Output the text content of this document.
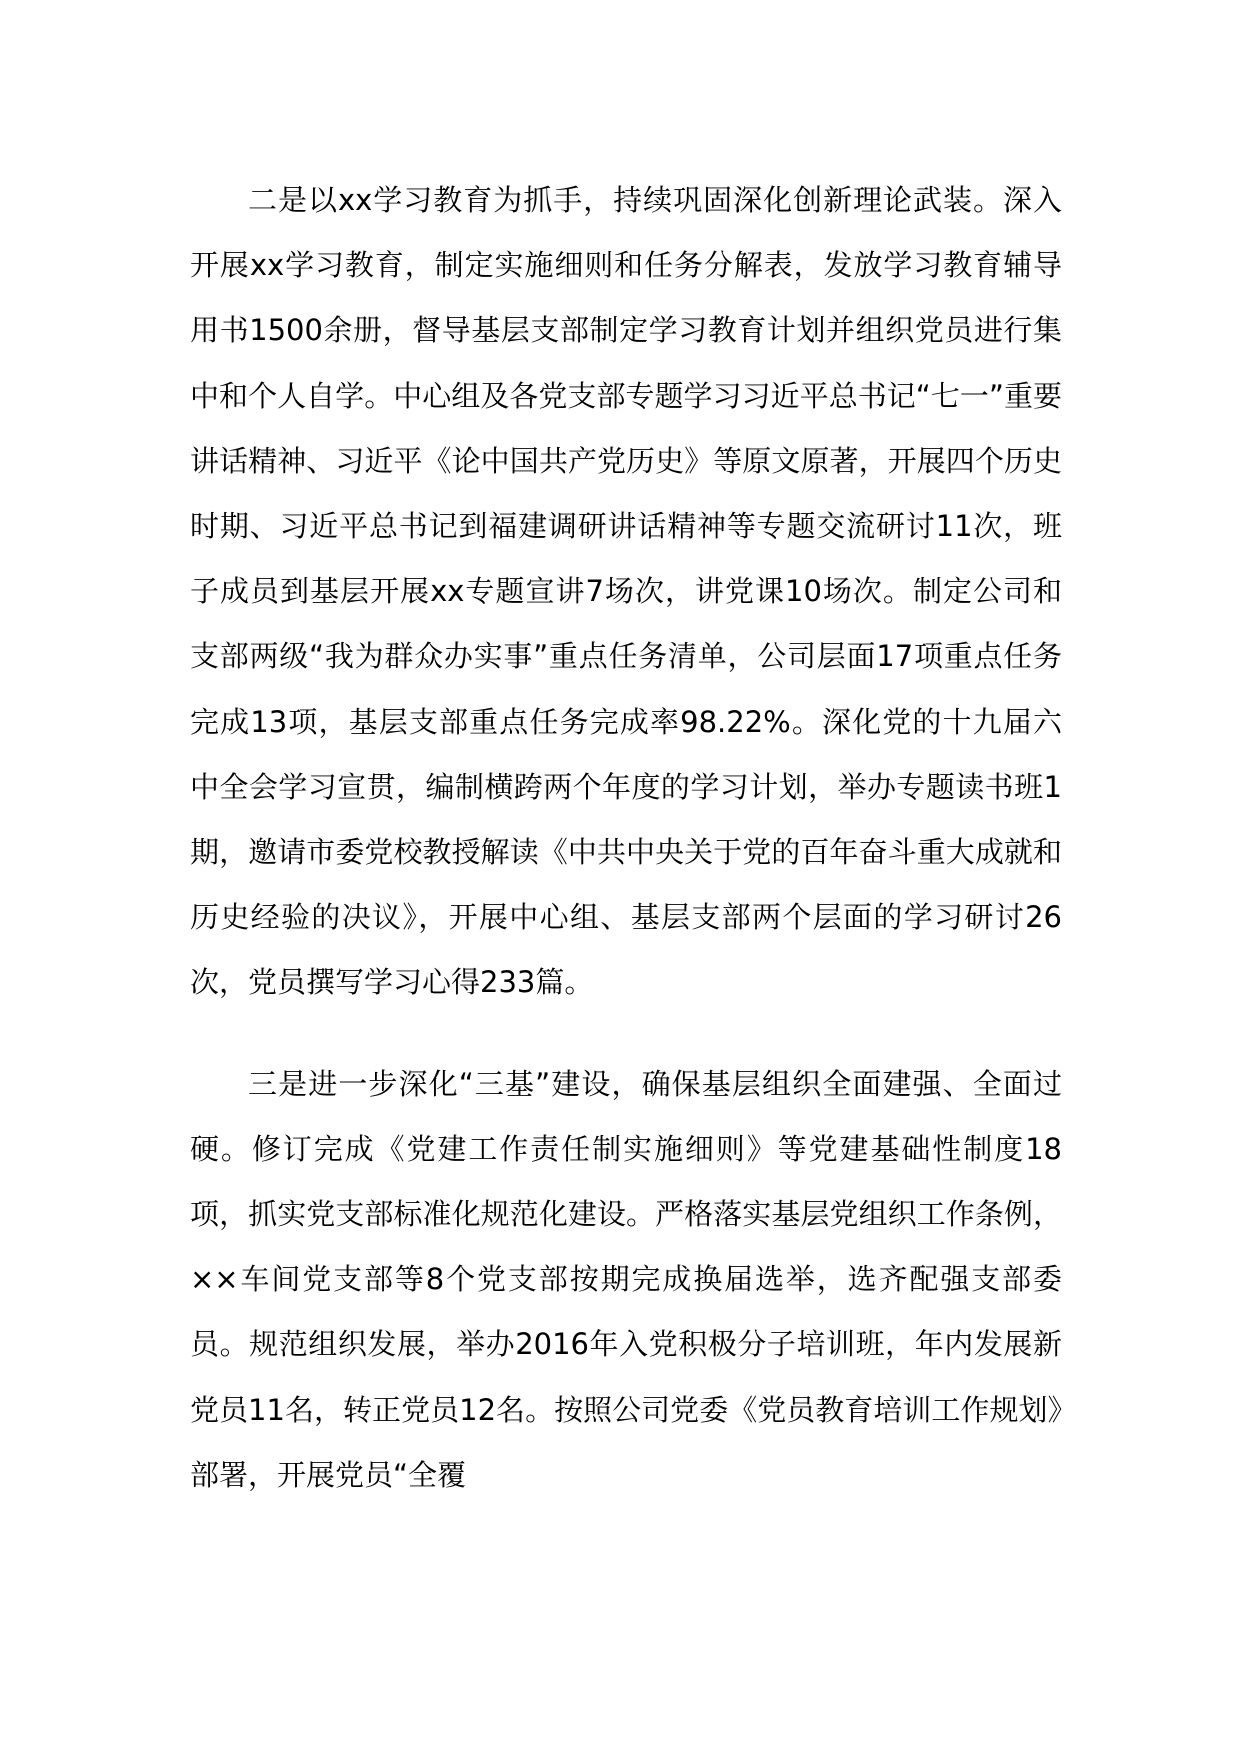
二是以xx学习教育为抓手，持续巩固深化创新理论武装。深入开展xx学习教育，制定实施细则和任务分解表，发放学习教育辅导用书1500余册，督导基层支部制定学习教育计划并组织党员进行集中和个人自学。中心组及各党支部专题学习习近平总书记“七一”重要讲话精神、习近平《论中国共产党历史》等原文原著，开展四个历史时期、习近平总书记到福建调研讲话精神等专题交流研讨11次，班子成员到基层开展xx专题宣讲7场次，讲党课10场次。制定公司和支部两级“我为群众办实事”重点任务清单，公司层面17项重点任务完成13项，基层支部重点任务完成率98.22%。深化党的十九届六中全会学习宣贯，编制横跨两个年度的学习计划，举办专题读书班1期，邀请市委党校教授解读《中共中央关于党的百年奋斗重大成就和历史经验的决议》，开展中心组、基层支部两个层面的学习研讨26次，党员撰写学习心得233篇。

三是进一步深化“三基”建设，确保基层组织全面建强、全面过硬。修订完成《党建工作责任制实施细则》等党建基础性制度18项，抓实党支部标准化规范化建设。严格落实基层党组织工作条例，××车间党支部等8个党支部按期完成换届选举，选齐配强支部委员。规范组织发展，举办2016年入党积极分子培训班，年内发展新党员11名，转正党员12名。按照公司党委《党员教育培训工作规划》部署，开展党员“全覆
